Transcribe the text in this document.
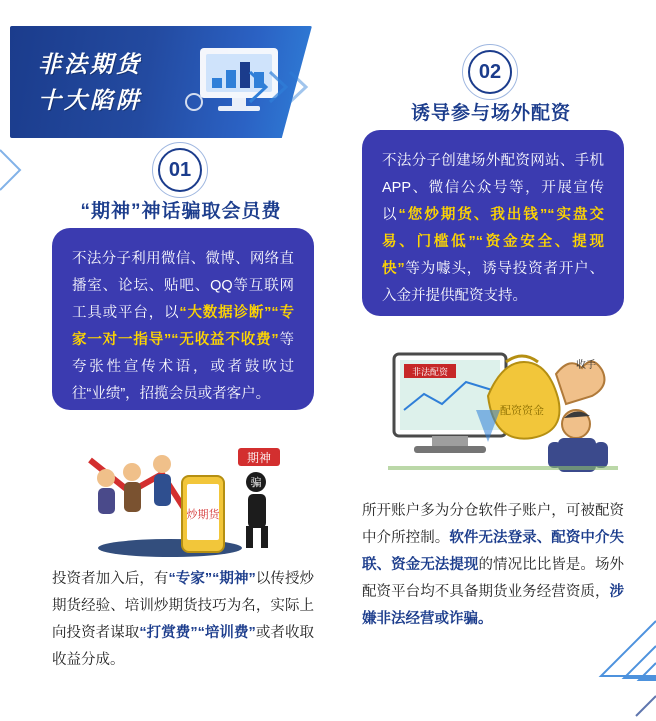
非法期货
十大陷阱
01
“期神”神话骗取会员费
不法分子利用微信、微博、网络直播室、论坛、贴吧、QQ等互联网工具或平台，以“大数据诊断”“专家一对一指导”“无收益不收费”等夸张性宣传术语，或者鼓吹过往“业绩”，招揽会员或者客户。
炒期货
期神
骗
投资者加入后，有“专家”“期神”以传授炒期货经验、培训炒期货技巧为名，实际上向投资者谋取“打赏费”“培训费”或者收取收益分成。
02
诱导参与场外配资
不法分子创建场外配资网站、手机APP、微信公众号等，开展宣传以“您炒期货、我出钱”“实盘交易、门槛低”“资金安全、提现快”等为噱头，诱导投资者开户、入金并提供配资支持。
非法配资
配资资金
收手
所开账户多为分仓软件子账户，可被配资中介所控制。软件无法登录、配资中介失联、资金无法提现的情况比比皆是。场外配资平台均不具备期货业务经营资质，涉嫌非法经营或诈骗。
